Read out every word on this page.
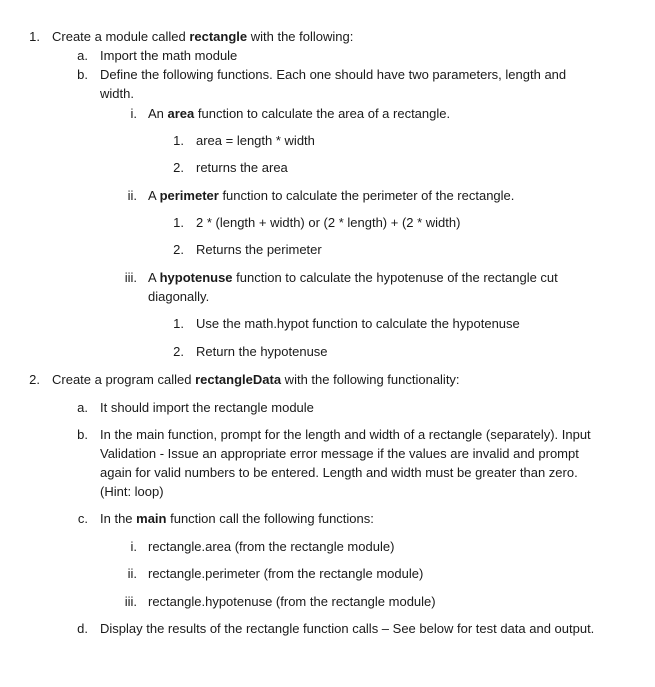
1. Create a module called rectangle with the following:
a. Import the math module
b. Define the following functions. Each one should have two parameters, length and
width.
i. An area function to calculate the area of a rectangle.
1. area = length * width
2. returns the area
ii. A perimeter function to calculate the perimeter of the rectangle.
1. 2 * (length + width) or (2 * length) + (2 * width)
2. Returns the perimeter
iii. A hypotenuse function to calculate the hypotenuse of the rectangle cut
diagonally.
1. Use the math.hypot function to calculate the hypotenuse
2. Return the hypotenuse
2. Create a program called rectangleData with the following functionality:
a. It should import the rectangle module
b. In the main function, prompt for the length and width of a rectangle (separately). Input
Validation - Issue an appropriate error message if the values are invalid and prompt
again for valid numbers to be entered. Length and width must be greater than zero.
(Hint: loop)
c. In the main function call the following functions:
i. rectangle.area (from the rectangle module)
ii. rectangle.perimeter (from the rectangle module)
iii. rectangle.hypotenuse (from the rectangle module)
d. Display the results of the rectangle function calls – See below for test data and output.
